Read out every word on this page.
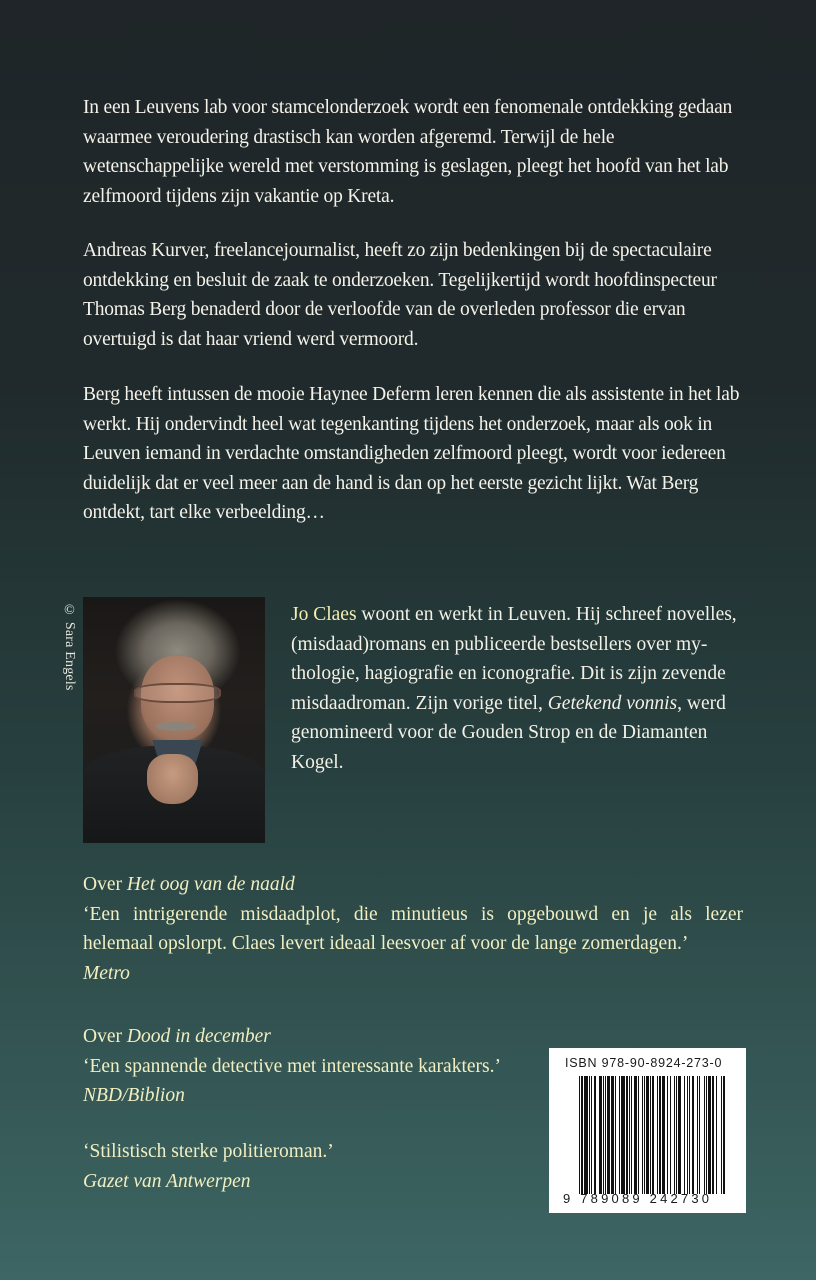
In een Leuvens lab voor stamcelonderzoek wordt een fenomenale ontdekking gedaan waarmee veroudering drastisch kan worden afgeremd. Terwijl de hele wetenschappelijke wereld met verstomming is geslagen, pleegt het hoofd van het lab zelfmoord tijdens zijn vakantie op Kreta.

Andreas Kurver, freelancejournalist, heeft zo zijn bedenkingen bij de spectaculaire ontdekking en besluit de zaak te onderzoeken. Tegelijkertijd wordt hoofdinspecteur Thomas Berg benaderd door de verloofde van de overleden professor die ervan overtuigd is dat haar vriend werd vermoord.

Berg heeft intussen de mooie Haynee Deferm leren kennen die als assistente in het lab werkt. Hij ondervindt heel wat tegenkanting tijdens het onderzoek, maar als ook in Leuven iemand in verdachte omstandigheden zelfmoord pleegt, wordt voor iedereen duidelijk dat er veel meer aan de hand is dan op het eerste gezicht lijkt. Wat Berg ontdekt, tart elke verbeelding…

© Sara Engels	Jo Claes woont en werkt in Leuven. Hij schreef novelles, (misdaad)romans en publiceerde bestsellers over mythologie, hagiografie en iconografie. Dit is zijn zevende misdaadroman. Zijn vorige titel, Getekend vonnis, werd genomineerd voor de Gouden Strop en de Diamanten Kogel.

Over Het oog van de naald
‘Een intrigerende misdaadplot, die minutieus is opgebouwd en je als lezer
helemaal opslorpt. Claes levert ideaal leesvoer af voor de lange zomerdagen.’
Metro
Over Dood in december
‘Een spannende detective met interessante karakters.’
NBD/Biblion
‘Stilistisch sterke politieroman.’
Gazet van Antwerpen
ISBN 978-90-8924-273-0
9 789089 242730
